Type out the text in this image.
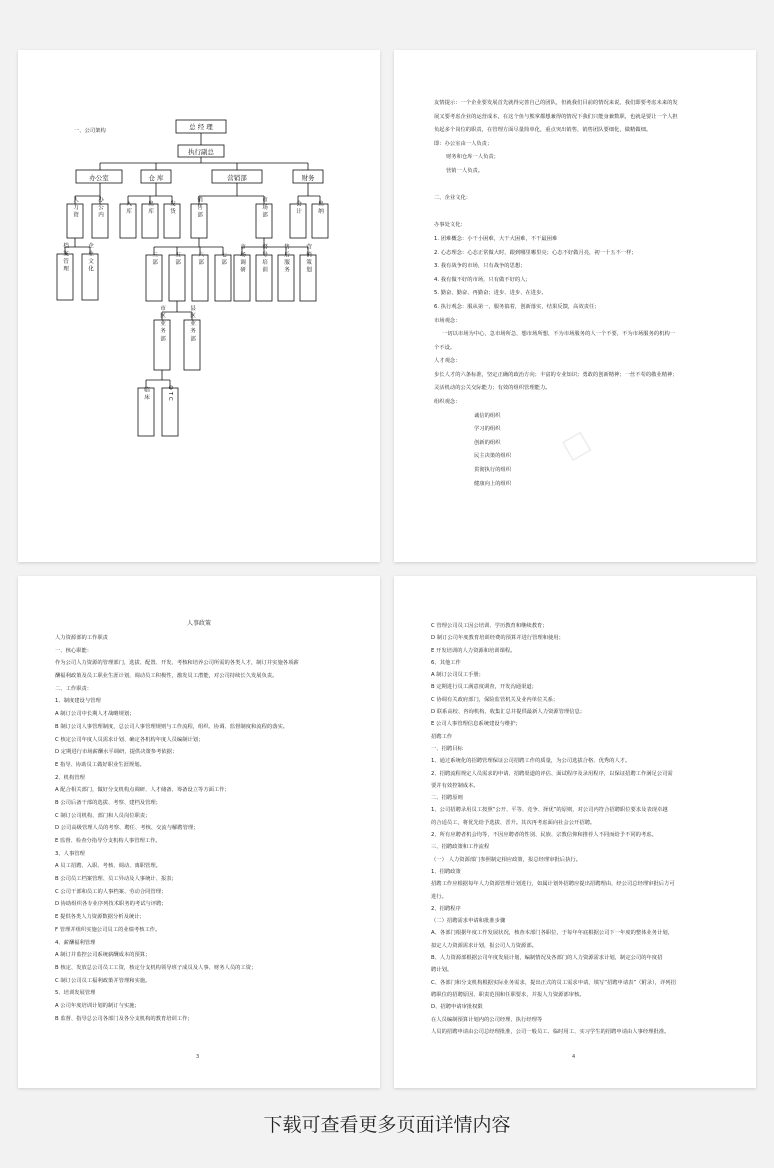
一、公司架构	总 经 理
执行副总
办公室	仓 库	营销部	财务
人力资	办公内
档案管理	企业文化
入库	出库	发货	销售部	市场部
三部	五部	六部	七部 市场调研	督导培训	售后服务	营销策划
会计	出纳
市区业务部	县区业务部
临床	OTC
☐

友情提示：一个企业要发展首先就得完善自己的团队，但就我们目前的情况来说，我们即要考虑未来的发

展又要考虑企业的运营成本，在这个鱼与熊掌都想兼得的情况下我们只能身兼数职，也就是要让一个人担

负起多个岗位的职责，在管理方面尽量简单化，重点突出销售，销售团队要细化，做精做细。

即：办公室由一人负责；

财务和仓库一人负责；

营销一人负责。

二、企业文化：

办事处文化：

1. 团难概念：小干小困难，大干大困难，不干最困难

2. 心态理念：心态正常做大时，跟到哪里哪里亮；心态不好做月亮，初一十五不一样；

3. 我有战争的市场，只有战争的思想；

4. 我有做不好的市场，只有做不好的人；

5. 勤奋、勤奋、再勤奋；进步、进步、在进步。

6. 执行观念：服从第一，服务搞着，创新落实，结果反馈，高效责任；

市场观念：

一切以市场为中心，急市场所急，想市场所想，不为市场服务的人一个不要，不为市场服务的机构一

个不设。

人才观念：

步长人才的六条标准，坚定正确的政治方向；丰富的专业知识；勇敢的创新精神；一丝不苟的敬业精神；

灵活机动的公关交际能力；有效的组织管理能力。

组织观念：

诚信的组织

学习的组织

创新的组织

民主决策的组织

贯彻执行的组织

健康向上的组织

人事政策

人力资源部的工作职责

一、核心职能：

作为公司人力资源的管理部门，选拔、配置、开发、考核和培养公司所需的各类人才，制订并实施各项薪

酬福利政策及员工职业生涯计划，调动员工积极性，激发员工潜能，对公司持续长久发展负责。

二、工作职责：

1、制度建设与管理

A 制订公司中长期人才战略规划；

B 制订公司人事管理制度，总公司人事管理规则与工作流程，组织、协调、监督制度和流程的落实。

C 核定公司年度人员需求计划、确定各机构年度人员编制计划；

D 定期进行市场薪酬水平调研，提供决策参考依据；

E 指导、协助员工做好职业生涯规划。

2、机构管理

A 配合相关部门，做好分支机构点调研、人才储备、筹备设立等方面工作；

B 公司后备干部的选拔、考察、建档及管理；

C 制订公司机构、部门和人员岗位职责；

D 公司高级管理人员的考察、聘任、考核、交流与解聘管理；

E 监督、检查分指导分支机构人事管理工作。

3、人事管理

A 员工招聘、入职、考核、调动、离职管理。

B 公司员工档案管理、员工异动及人事统计、报表；

C 公司干部和员工的人事档案、劳动合同管理；

D 协助组织各专业序列技术职务的考试与评聘；

E 提供各类人力资源数据分析及统计；

F 管理并组织实施公司员工的业绩考核工作。

4、薪酬福利管理

A 制订并监控公司系统薪酬成本的预算；

B 核定、发放总公司员工工资，核定分支机构领导班子成员及人事、财务人员的工资；

C 制订公司员工福利政策并管理和实施。

5、培训发展管理

A 公司年度培训计划的制订与实施；

B 监督、指导总公司各部门及各分支机构的教育培训工作；

3

C 管理公司员工因公培训、学历教育和继续教育；

D 制订公司年度教育培训经费的预算并进行管理和使用；

E 开发培训的人力资源和培训课程。

6、其他工作

A 制订公司员工手册；

B 定期进行员工满意度调查，开发沟通渠道；

C 协调有关政府部门，保险监管机关及业内单位关系；

D 联系高校、咨询机构，收集汇总并提供最新人力资源管理信息；

E 公司人事管理信息系统建设与维护；

招聘工作

一、招聘目标

1、通过系统化的招聘管理保证公司招聘工作的质量，为公司选拔合格、优秀的人才。

2、招聘流程规定人员需求的申请、招聘渠道的评估、面试程序及录用程序，以保证招聘工作满足公司需

要并有效控制成本。

二、招聘原则

1、公司招聘录用员工按照“公开、平等、竞争、择优”的原则，对公司内符合招聘职位要求及表现卓越

的合适员工，将优先给予选拔、晋升。其次再考虑面向社会公开招聘。

2、所有应聘者机会均等，不因应聘者的性别、民族、宗教信仰和推荐人不同而给予不同的考虑。

三、招聘政策和工作流程

（一） 人力资源部门参照制定相应政策，报总经理审批后执行。

1、招聘政策

招聘工作应根据每年人力资源管理计划进行，如属计划外招聘应提出招聘理由，经公司总经理审批后方可

进行。

2、招聘程序

（二）招聘需求申请和批准步骤

A、各部门根据年度工作发展状况，核查本部门各职位，于每年年底根据公司下一年度的整体业务计划，

拟定人力资源需求计划，报公司人力资源部。

B、人力资源部根据公司年度发展计划，编制情况及各部门的人力资源需求计划，制定公司的年度招

聘计划。

C、各部门和分支机构根据实际业务需求，提出正式的员工需求申请，填写“招聘申请表”（附录），详列招

聘职位的招聘原因、职责范围和任职要求，并报人力资源部审核。

D、招聘申请审批权限

在人员编制预算计划内的公司经理、执行经理等

人员的招聘申请由公司总经理批准，公司一般员工、临时用工、实习学生的招聘申请由人事经理批准。

4
下载可查看更多页面详情内容
